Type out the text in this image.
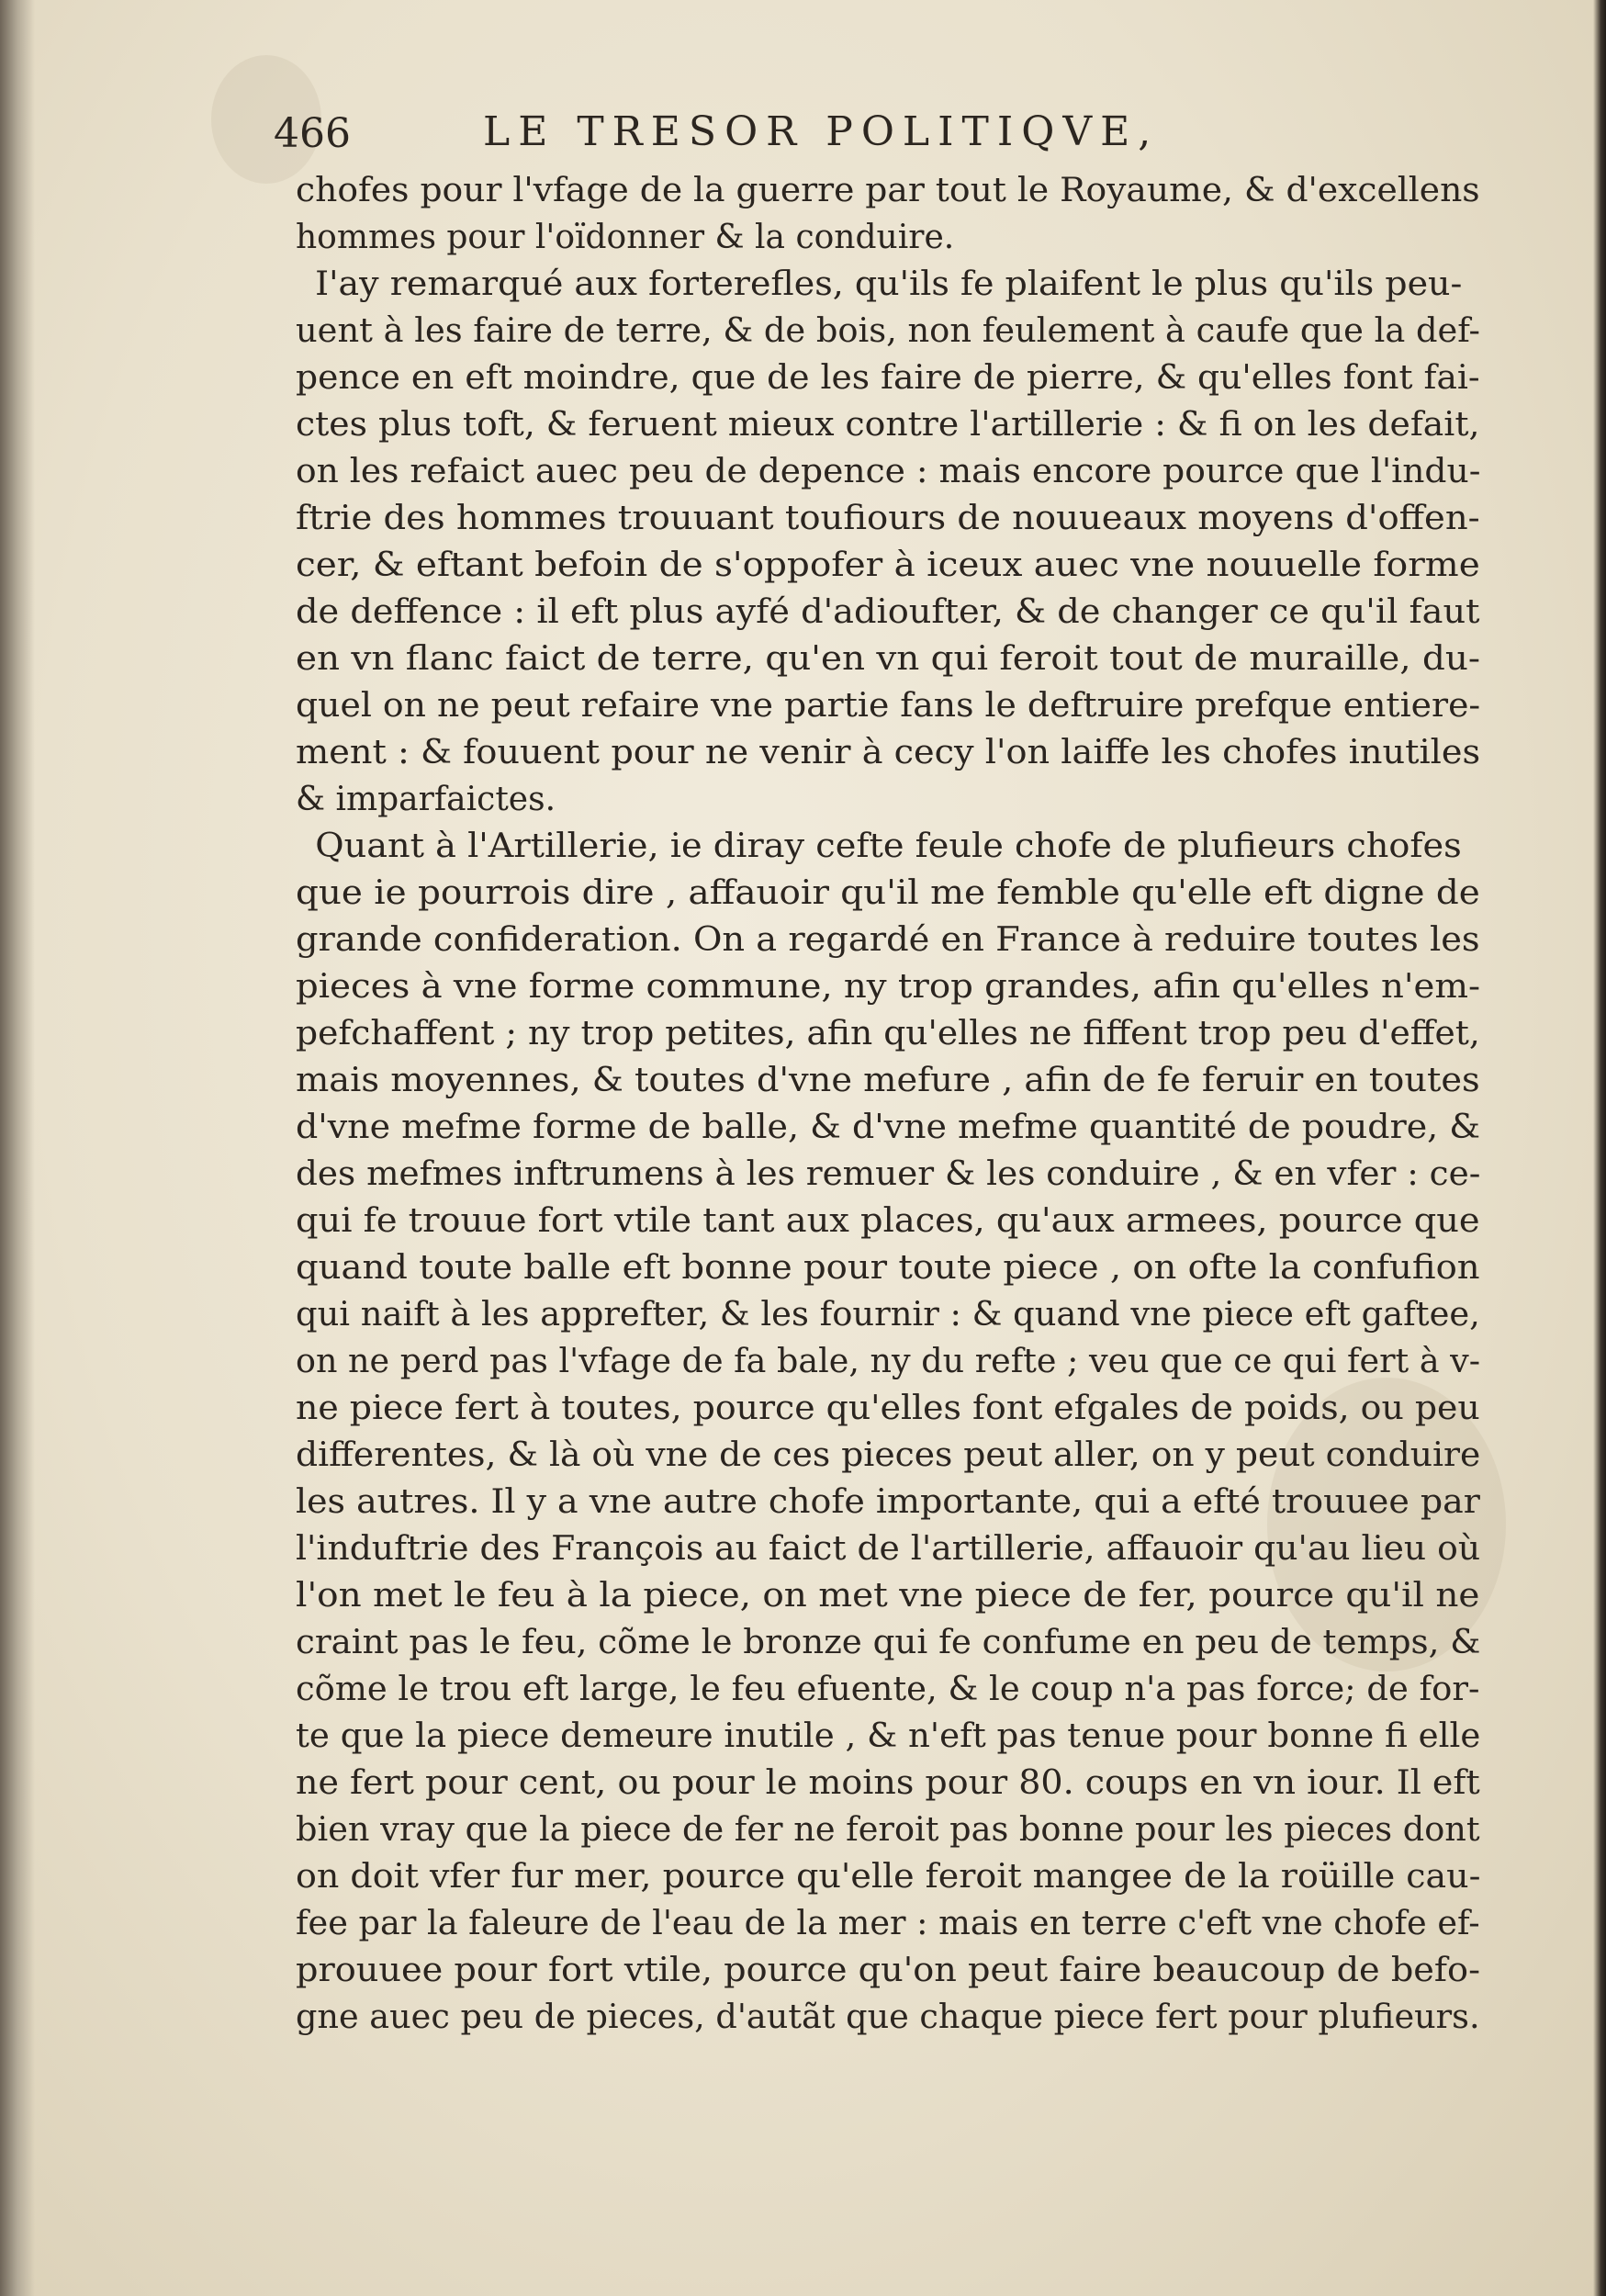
466	LE TRESOR POLITIQVE,
chofes pour l'vfage de la guerre par tout le Royaume, & d'excellens
hommes pour l'oïdonner & la conduire.
I'ay remarqué aux forterefles, qu'ils fe plaifent le plus qu'ils peu-
uent à les faire de terre, & de bois, non feulement à caufe que la def-
pence en eft moindre, que de les faire de pierre, & qu'elles font fai-
ctes plus toft, & feruent mieux contre l'artillerie : & fi on les defait,
on les refaict auec peu de depence : mais encore pource que l'indu-
ftrie des hommes trouuant toufiours de nouueaux moyens d'offen-
cer, & eftant befoin de s'oppofer à iceux auec vne nouuelle forme
de deffence : il eft plus ayfé d'adioufter, & de changer ce qu'il faut
en vn flanc faict de terre, qu'en vn qui feroit tout de muraille, du-
quel on ne peut refaire vne partie fans le deftruire prefque entiere-
ment : & fouuent pour ne venir à cecy l'on laiffe les chofes inutiles
& imparfaictes.
Quant à l'Artillerie, ie diray cefte feule chofe de plufieurs chofes
que ie pourrois dire , affauoir qu'il me femble qu'elle eft digne de
grande confideration. On a regardé en France à reduire toutes les
pieces à vne forme commune, ny trop grandes, afin qu'elles n'em-
pefchaffent ; ny trop petites, afin qu'elles ne fiffent trop peu d'effet,
mais moyennes, & toutes d'vne mefure , afin de fe feruir en toutes
d'vne mefme forme de balle, & d'vne mefme quantité de poudre, &
des mefmes inftrumens à les remuer & les conduire , & en vfer : ce-
qui fe trouue fort vtile tant aux places, qu'aux armees, pource que
quand toute balle eft bonne pour toute piece , on ofte la confufion
qui naift à les apprefter, & les fournir : & quand vne piece eft gaftee,
on ne perd pas l'vfage de fa bale, ny du refte ; veu que ce qui fert à v-
ne piece fert à toutes, pource qu'elles font efgales de poids, ou peu
differentes, & là où vne de ces pieces peut aller, on y peut conduire
les autres. Il y a vne autre chofe importante, qui a efté trouuee par
l'induftrie des François au faict de l'artillerie, affauoir qu'au lieu où
l'on met le feu à la piece, on met vne piece de fer, pource qu'il ne
craint pas le feu, cõme le bronze qui fe confume en peu de temps, &
cõme le trou eft large, le feu efuente, & le coup n'a pas force; de for-
te que la piece demeure inutile , & n'eft pas tenue pour bonne fi elle
ne fert pour cent, ou pour le moins pour 80. coups en vn iour. Il eft
bien vray que la piece de fer ne feroit pas bonne pour les pieces dont
on doit vfer fur mer, pource qu'elle feroit mangee de la roüille cau-
fee par la faleure de l'eau de la mer : mais en terre c'eft vne chofe ef-
prouuee pour fort vtile, pource qu'on peut faire beaucoup de befo-
gne auec peu de pieces, d'autãt que chaque piece fert pour plufieurs.
